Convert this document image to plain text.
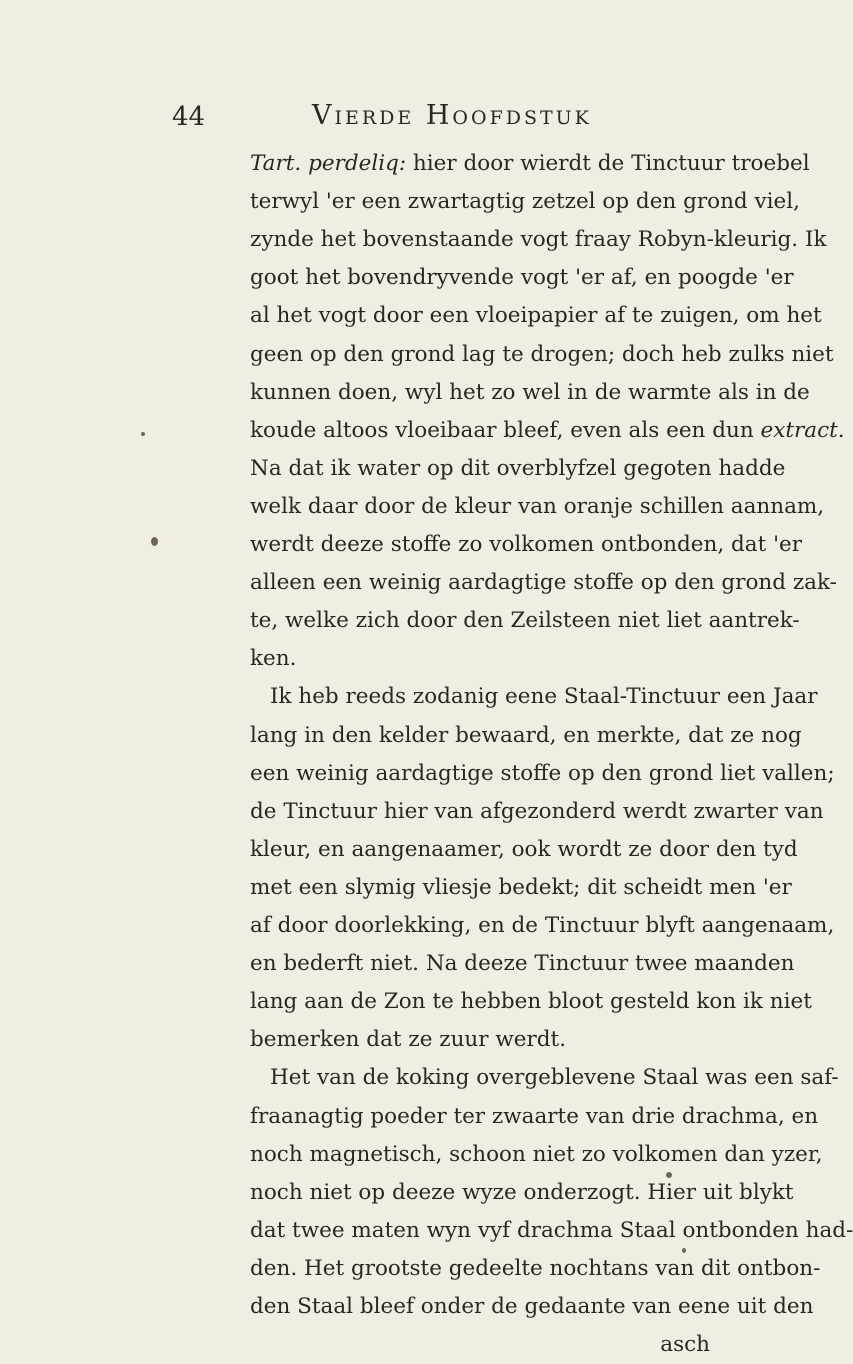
44	Vierde Hoofdstuk
Tart. perdeliq: hier door wierdt de Tinctuur troebel
terwyl 'er een zwartagtig zetzel op den grond viel,
zynde het bovenstaande vogt fraay Robyn-kleurig. Ik
goot het bovendryvende vogt 'er af, en poogde 'er
al het vogt door een vloeipapier af te zuigen, om het
geen op den grond lag te drogen; doch heb zulks niet
kunnen doen, wyl het zo wel in de warmte als in de
koude altoos vloeibaar bleef, even als een dun extract.
Na dat ik water op dit overblyfzel gegoten hadde
welk daar door de kleur van oranje schillen aannam,
werdt deeze stoffe zo volkomen ontbonden, dat 'er
alleen een weinig aardagtige stoffe op den grond zak-
te, welke zich door den Zeilsteen niet liet aantrek-
ken.
Ik heb reeds zodanig eene Staal-Tinctuur een Jaar
lang in den kelder bewaard, en merkte, dat ze nog
een weinig aardagtige stoffe op den grond liet vallen;
de Tinctuur hier van afgezonderd werdt zwarter van
kleur, en aangenaamer, ook wordt ze door den tyd
met een slymig vliesje bedekt; dit scheidt men 'er
af door doorlekking, en de Tinctuur blyft aangenaam,
en bederft niet. Na deeze Tinctuur twee maanden
lang aan de Zon te hebben bloot gesteld kon ik niet
bemerken dat ze zuur werdt.
Het van de koking overgeblevene Staal was een saf-
fraanagtig poeder ter zwaarte van drie drachma, en
noch magnetisch, schoon niet zo volkomen dan yzer,
noch niet op deeze wyze onderzogt. Hier uit blykt
dat twee maten wyn vyf drachma Staal ontbonden had-
den. Het grootste gedeelte nochtans van dit ontbon-
den Staal bleef onder de gedaante van eene uit den
asch
